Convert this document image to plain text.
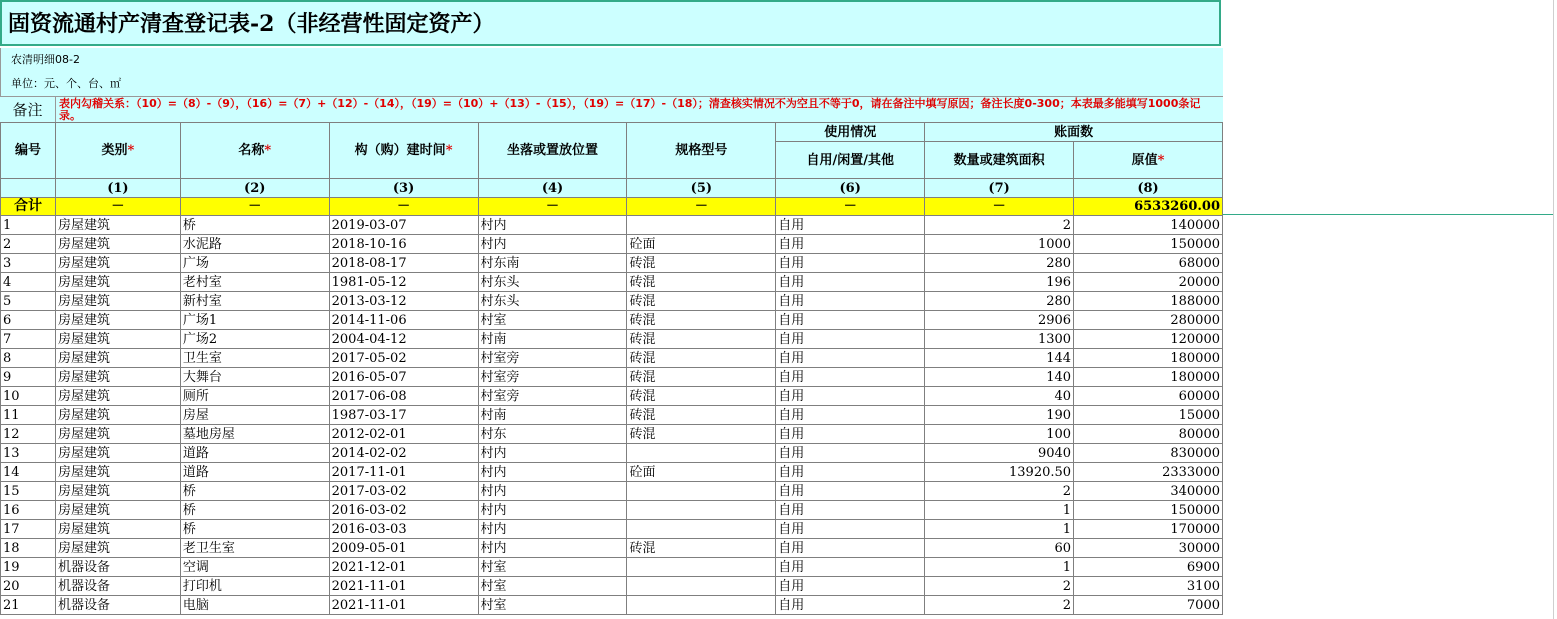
固资流通村产清查登记表-2（非经营性固定资产）
农清明细08-2
单位：元、个、台、㎡
备注	表内勾稽关系：（10）=（8）-（9），（16）=（7）+（12）-（14），（19）=（10）+（13）-（15），（19）=（17）-（18）；清查核实情况不为空且不等于0，请在备注中填写原因；备注长度0-300；本表最多能填写1000条记录。
编号	类别*	名称*	构（购）建时间*	坐落或置放位置	规格型号	使用情况	账面数	
						自用/闲置/其他	数量或建筑面积	原值*
	(1)	(2)	(3)	(4)	(5)	(6)	(7)	(8)
合计	－	－	－	－	－	－	－	6533260.00
1	房屋建筑	桥	2019-03-07	村内		自用	2	140000
2	房屋建筑	水泥路	2018-10-16	村内	砼面	自用	1000	150000
3	房屋建筑	广场	2018-08-17	村东南	砖混	自用	280	68000
4	房屋建筑	老村室	1981-05-12	村东头	砖混	自用	196	20000
5	房屋建筑	新村室	2013-03-12	村东头	砖混	自用	280	188000
6	房屋建筑	广场1	2014-11-06	村室	砖混	自用	2906	280000
7	房屋建筑	广场2	2004-04-12	村南	砖混	自用	1300	120000
8	房屋建筑	卫生室	2017-05-02	村室旁	砖混	自用	144	180000
9	房屋建筑	大舞台	2016-05-07	村室旁	砖混	自用	140	180000
10	房屋建筑	厕所	2017-06-08	村室旁	砖混	自用	40	60000
11	房屋建筑	房屋	1987-03-17	村南	砖混	自用	190	15000
12	房屋建筑	墓地房屋	2012-02-01	村东	砖混	自用	100	80000
13	房屋建筑	道路	2014-02-02	村内		自用	9040	830000
14	房屋建筑	道路	2017-11-01	村内	砼面	自用	13920.50	2333000
15	房屋建筑	桥	2017-03-02	村内		自用	2	340000
16	房屋建筑	桥	2016-03-02	村内		自用	1	150000
17	房屋建筑	桥	2016-03-03	村内		自用	1	170000
18	房屋建筑	老卫生室	2009-05-01	村内	砖混	自用	60	30000
19	机器设备	空调	2021-12-01	村室		自用	1	6900
20	机器设备	打印机	2021-11-01	村室		自用	2	3100
21	机器设备	电脑	2021-11-01	村室		自用	2	7000
